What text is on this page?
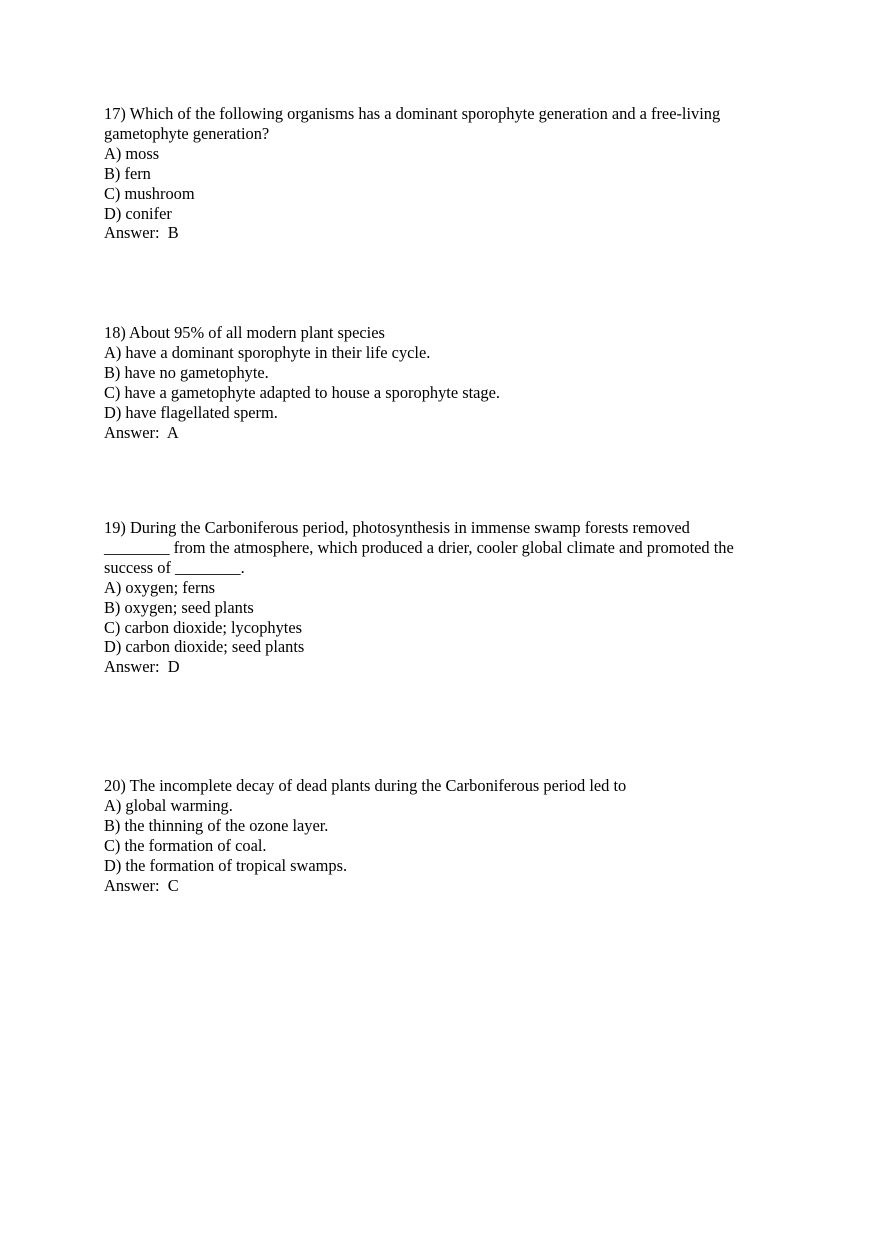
17) Which of the following organisms has a dominant sporophyte generation and a free-living
gametophyte generation?
A) moss
B) fern
C) mushroom
D) conifer
Answer:  B
18) About 95% of all modern plant species
A) have a dominant sporophyte in their life cycle.
B) have no gametophyte.
C) have a gametophyte adapted to house a sporophyte stage.
D) have flagellated sperm.
Answer:  A
19) During the Carboniferous period, photosynthesis in immense swamp forests removed
________ from the atmosphere, which produced a drier, cooler global climate and promoted the
success of ________.
A) oxygen; ferns
B) oxygen; seed plants
C) carbon dioxide; lycophytes
D) carbon dioxide; seed plants
Answer:  D
20) The incomplete decay of dead plants during the Carboniferous period led to
A) global warming.
B) the thinning of the ozone layer.
C) the formation of coal.
D) the formation of tropical swamps.
Answer:  C
